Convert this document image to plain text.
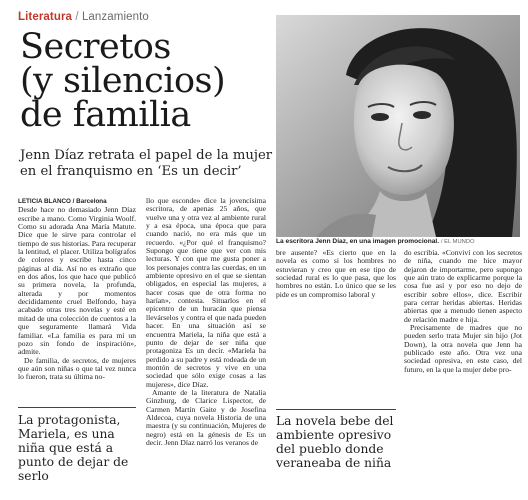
Literatura / Lanzamiento
Secretos
(y silencios)
de familia
Jenn Díaz retrata el papel de la mujer en el franquismo en ‘Es un decir’
La escritora Jenn Díaz, en una imagen promocional. / EL MUNDO

LETICIA BLANCO / Barcelona

Desde hace no demasiado Jenn Díaz escribe a mano. Como Virginia Woolf. Como su adorada Ana María Matute. Dice que le sirve para controlar el tiempo de sus historias. Para recuperar la lentitud, el placer. Utiliza bolígrafos de colores y escribe hasta cinco páginas al día. Así no es extraño que en dos años, los que hace que publicó su primera novela, la profunda, alterada y por momentos decididamente cruel Belfondo, haya acabado otras tres novelas y esté en mitad de una colección de cuentos a la que seguramente llamará Vida familiar. «La familia es para mí un pozo sin fondo de inspiración», admite.

De familia, de secretos, de mujeres que aún son niñas o que tal vez nunca lo fueron, trata su última no-

llo que esconde» dice la jovencísima escritora, de apenas 25 años, que vuelve una y otra vez al ambiente rural y a esa época, una época que para cuando nació, no era más que un recuerdo. «¿Por qué el franquismo? Supongo que tiene que ver con mis lecturas. Y con que me gusta poner a los personajes contra las cuerdas, en un ambiente opresivo en el que se sientan obligados, en especial las mujeres, a hacer cosas que de otra forma no harían», contesta. Situarlos en el epicentro de un huracán que piensa llevárselos y contra el que nada pueden hacer. En una situación así se encuentra Mariela, la niña que está a punto de dejar de ser niña que protagoniza Es un decir. «Mariela ha perdido a su padre y está rodeada de un montón de secretos y vive en una sociedad que sólo exige cosas a las mujeres», dice Díaz.

Amante de la literatura de Natalia Ginzburg, de Clarice Lispector, de Carmen Martín Gaite y de Josefina Aldecoa, cuya novela Historia de una maestra (y su continuación, Mujeres de negro) está en la génesis de Es un decir. Jenn Díaz narró los veranos de

bre ausente? «Es cierto que en la novela es como si los hombres no estuvieran y creo que en ese tipo de sociedad rural es lo que pasa, que los hombres no están. Lo único que se les pide es un compromiso laboral y

do escribía. «Conviví con los secretos de niña, cuando me hice mayor dejaron de importarme, pero supongo que aún trato de explicarme porque la cosa fue así y por eso no dejo de escribir sobre ellos», dice. Escribir para cerrar heridas abiertas. Heridas abiertas que a menudo tienen aspecto de relación madre e hija.

Precisamente de madres que no pueden serlo trata Mujer sin hijo (Jot Down), la otra novela que Jenn ha publicado este año. Otra vez una sociedad opresiva, en este caso, del futuro, en la que la mujer debe pro-

La protagonista, Mariela, es una niña que está a punto de dejar de serlo
La novela bebe del ambiente opresivo del pueblo donde veraneaba de niña
